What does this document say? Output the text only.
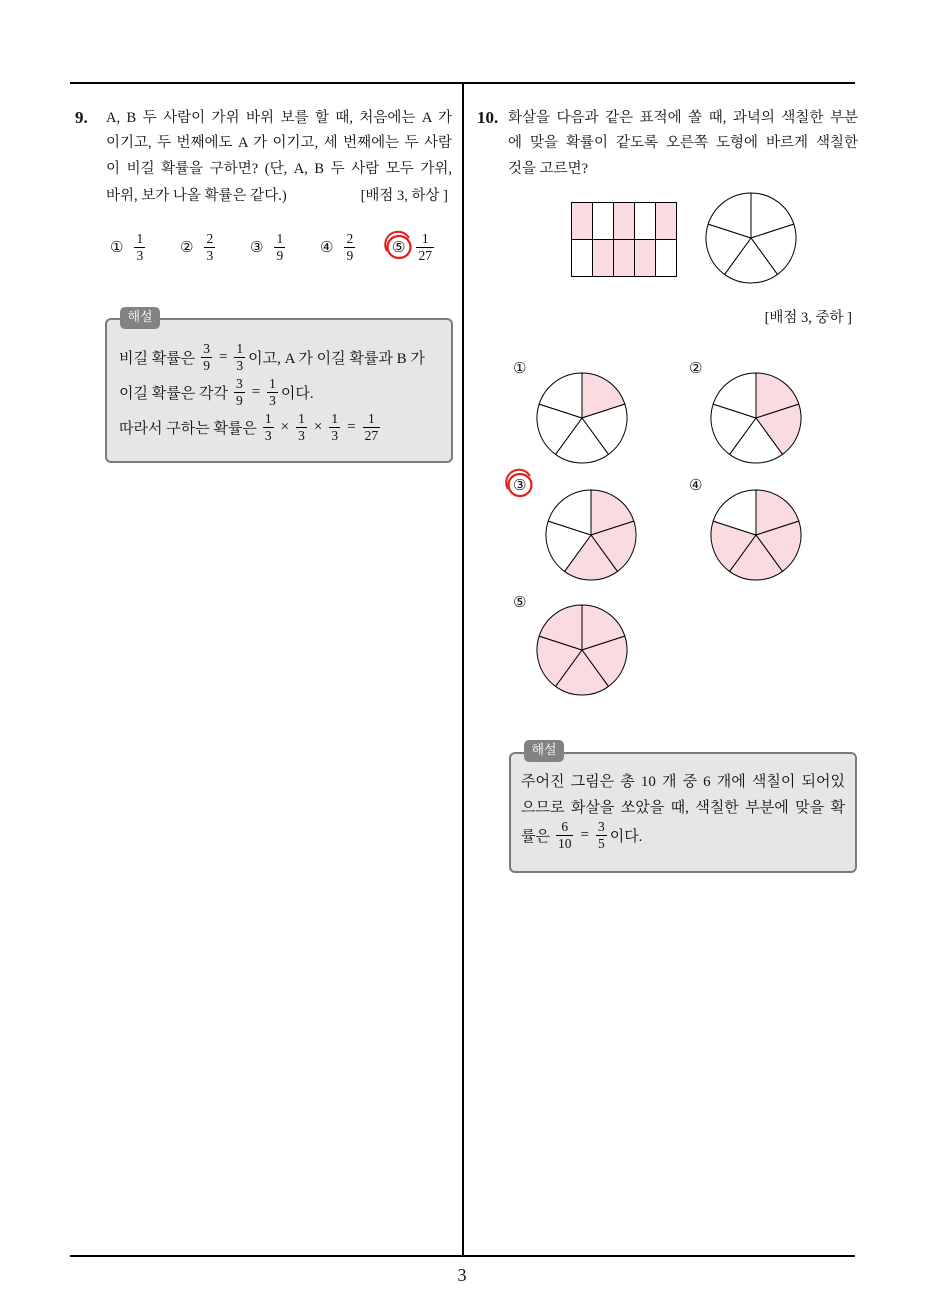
9. A, B 두 사람이 가위 바위 보를 할 때, 처음에는 A 가
이기고, 두 번째에도 A 가 이기고, 세 번째에는 두 사람
이 비길 확률을 구하면? (단, A, B 두 사람 모두 가위,
바위, 보가 나올 확률은 같다.)	[배점 3, 하상 ]
① $\frac{1}{3}$ ② $\frac{2}{3}$ ③ $\frac{1}{9}$ ④ $\frac{2}{9}$ ⑤ $\frac{1}{27}$
해설
비길 확률은 $\frac{3}{9} = \frac{1}{3}$ 이고, A 가 이길 확률과 B 가
이길 확률은 각각 $\frac{3}{9} = \frac{1}{3}$ 이다.
따라서 구하는 확률은 $\frac{1}{3} \times \frac{1}{3} \times \frac{1}{3} = \frac{1}{27}$
10. 화살을 다음과 같은 표적에 쏠 때, 과녁의 색칠한 부분
에 맞을 확률이 같도록 오른쪽 도형에 바르게 색칠한
것을 고르면?
[배점 3, 중하 ]
①	②
③	④
⑤
해설
주어진 그림은 총 10 개 중 6 개에 색칠이 되어있
으므로 화살을 쏘았을 때, 색칠한 부분에 맞을 확
률은 $\frac{6}{10} = \frac{3}{5}$ 이다.
3
